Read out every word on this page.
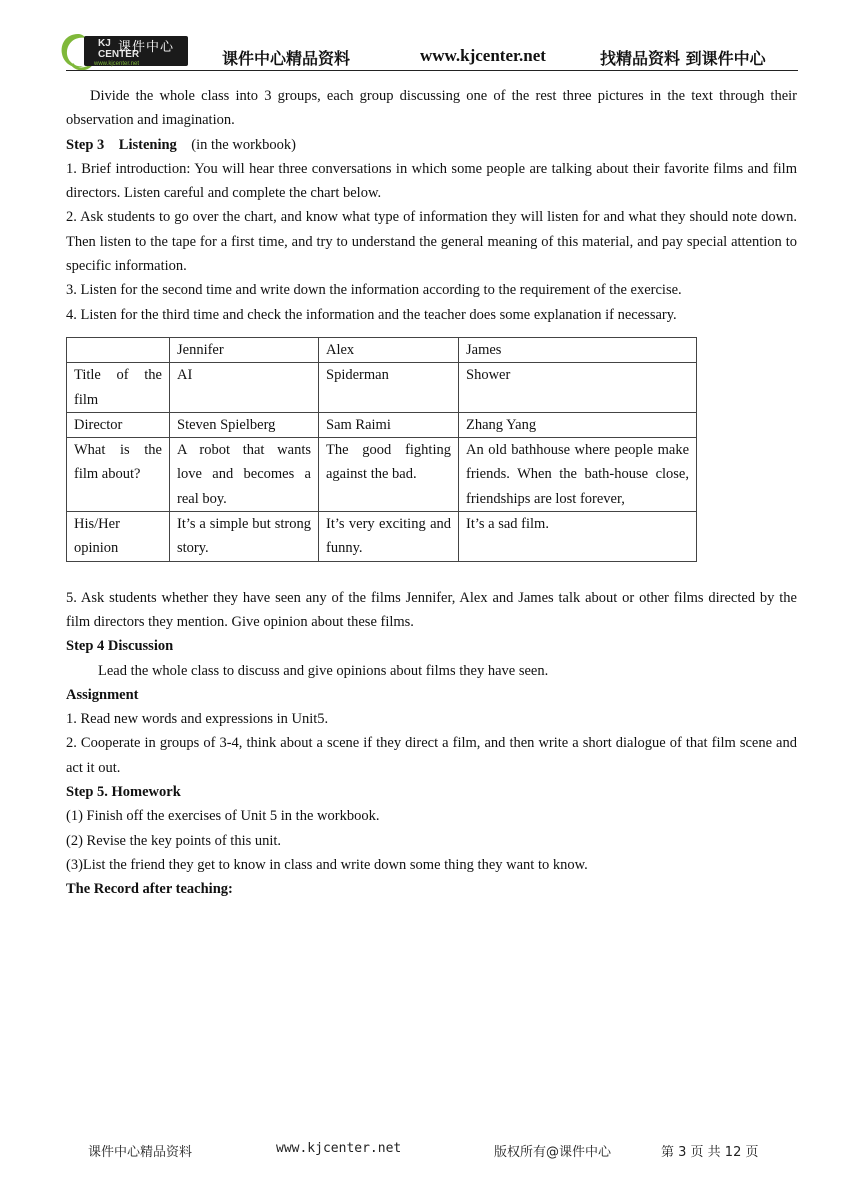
KJ CENTER
课件中心
www.kjcenter.net	课件中心精品资料	www.kjcenter.net	找精品资料 到课件中心

Divide the whole class into 3 groups, each group discussing one of the rest three pictures in the text through their observation and imagination.

Step 3    Listening    (in the workbook)

1. Brief introduction: You will hear three conversations in which some people are talking about their favorite films and film directors. Listen careful and complete the chart below.

2. Ask students to go over the chart, and know what type of information they will listen for and what they should note down. Then listen to the tape for a first time, and try to understand the general meaning of this material, and pay special attention to specific information.

3. Listen for the second time and write down the information according to the requirement of the exercise.

4. Listen for the third time and check the information and the teacher does some explanation if necessary.

	Jennifer	Alex	James
Title of the film	AI	Spiderman	Shower
Director	Steven Spielberg	Sam Raimi	Zhang Yang
What is the film about?	A robot that wants love and becomes a real boy.	The good fighting against the bad.	An old bathhouse where people make friends. When the bath-house close, friendships are lost forever,
His/Her opinion	It’s a simple but strong story.	It’s very exciting and funny.	It’s a sad film.

5. Ask students whether they have seen any of the films Jennifer, Alex and James talk about or other films directed by the film directors they mention. Give opinion about these films.

Step 4 Discussion

Lead the whole class to discuss and give opinions about films they have seen.

Assignment

1. Read new words and expressions in Unit5.

2. Cooperate in groups of 3-4, think about a scene if they direct a film, and then write a short dialogue of that film scene and act it out.

Step 5. Homework

(1) Finish off the exercises of Unit 5 in the workbook.

(2) Revise the key points of this unit.

(3)List the friend they get to know in class and write down some thing they want to know.

The Record after teaching:

课件中心精品资料	www.kjcenter.net	版权所有@课件中心	第 3 页 共 12 页
